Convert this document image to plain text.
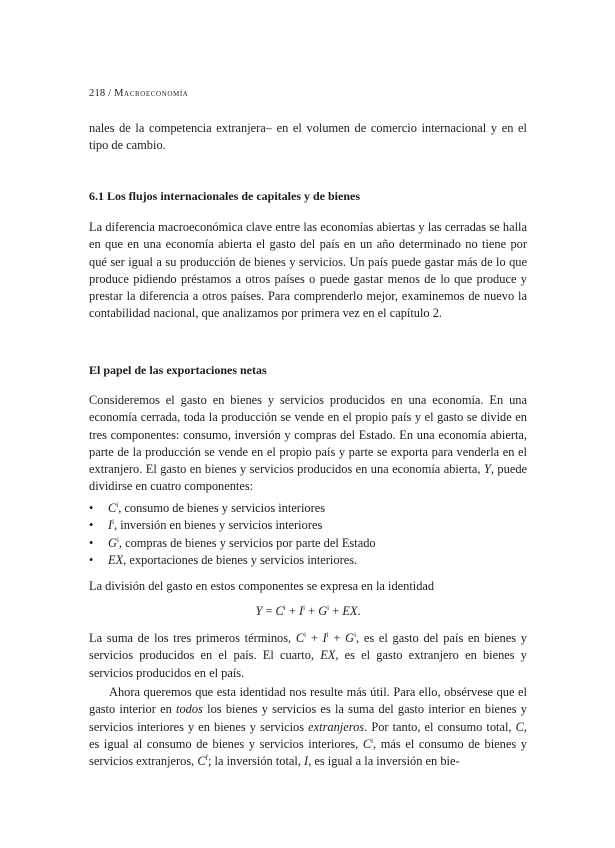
218 / Macroeconomía

nales de la competencia extranjera– en el volumen de comercio internacional y en el tipo de cambio.

6.1 Los flujos internacionales de capitales y de bienes

La diferencia macroeconómica clave entre las economías abiertas y las cerradas se halla en que en una economía abierta el gasto del país en un año determinado no tiene por qué ser igual a su producción de bienes y servicios. Un país puede gastar más de lo que produce pidiendo préstamos a otros países o puede gastar menos de lo que produce y prestar la diferencia a otros países. Para comprenderlo mejor, examinemos de nuevo la contabilidad nacional, que analizamos por primera vez en el capítulo 2.

El papel de las exportaciones netas

Consideremos el gasto en bienes y servicios producidos en una economía. En una economía cerrada, toda la producción se vende en el propio país y el gasto se divide en tres componentes: consumo, inversión y compras del Estado. En una economía abierta, parte de la producción se vende en el propio país y parte se exporta para venderla en el extranjero. El gasto en bienes y servicios producidos en una economía abierta, Y, puede dividirse en cuatro componentes:

• $C^i$, consumo de bienes y servicios interiores
• $I^i$, inversión en bienes y servicios interiores
• $G^i$, compras de bienes y servicios por parte del Estado
• EX, exportaciones de bienes y servicios interiores.

La división del gasto en estos componentes se expresa en la identidad

$Y = C^i + I^i + G^i$ + EX.

La suma de los tres primeros términos, $C^i + I^i + G^i$, es el gasto del país en bienes y servicios producidos en el país. El cuarto, EX, es el gasto extranjero en bienes y servicios producidos en el país.

Ahora queremos que esta identidad nos resulte más útil. Para ello, obsérvese que el gasto interior en todos los bienes y servicios es la suma del gasto interior en bienes y servicios interiores y en bienes y servicios extranjeros. Por tanto, el consumo total, C, es igual al consumo de bienes y servicios interiores, $C^i$, más el consumo de bienes y servicios extranjeros, $C^f$; la inversión total, I, es igual a la inversión en bie-
